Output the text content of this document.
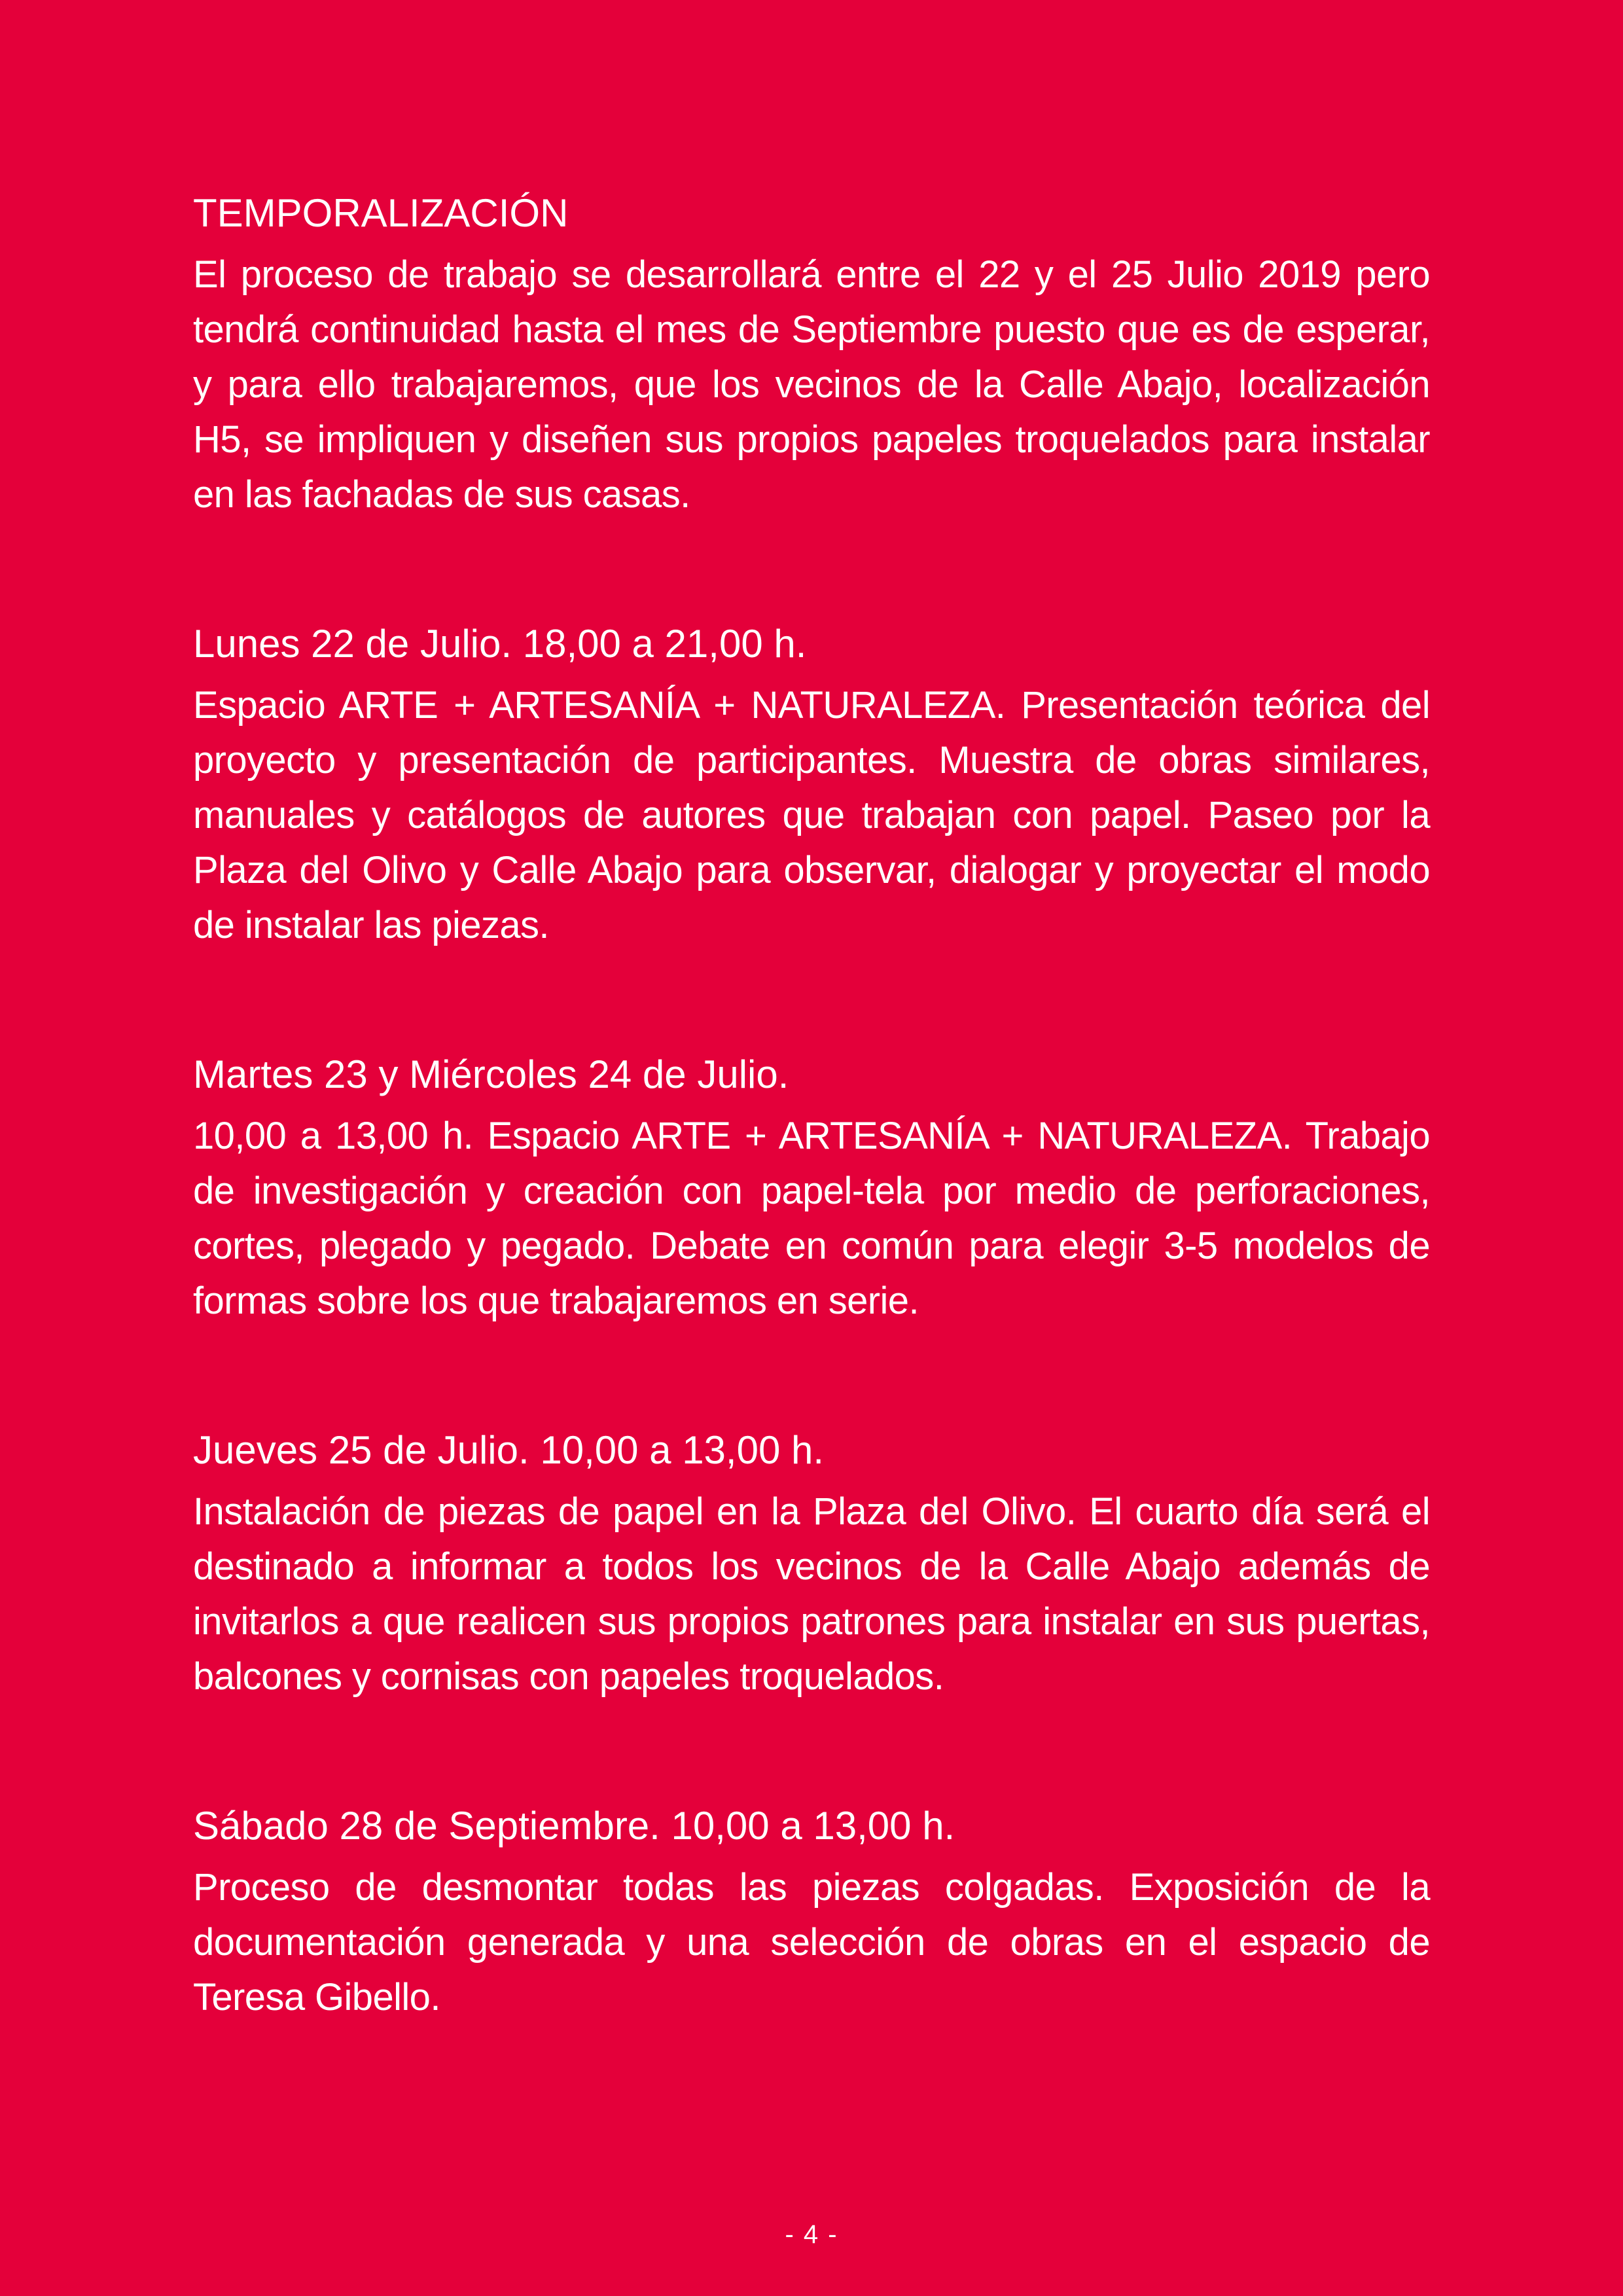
TEMPORALIZACIÓN

El proceso de trabajo se desarrollará entre el 22 y el 25 Julio 2019 pero tendrá continuidad hasta el mes de Septiembre puesto que es de esperar, y para ello trabajaremos, que los vecinos de la Calle Abajo, localización H5, se impliquen y diseñen sus propios papeles troquelados para instalar en las fachadas de sus casas.

Lunes 22 de Julio. 18,00 a 21,00 h.

Espacio ARTE + ARTESANÍA + NATURALEZA. Presentación teórica del proyecto y presentación de participantes. Muestra de obras similares, manuales y catálogos de autores que trabajan con papel. Paseo por la Plaza del Olivo y Calle Abajo para observar, dialogar y proyectar el modo de instalar las piezas.

Martes 23 y Miércoles 24 de Julio.

10,00 a 13,00 h. Espacio ARTE + ARTESANÍA + NATURALEZA. Trabajo de investigación y creación con papel-tela por medio de perforaciones, cortes, plegado y pegado. Debate en común para elegir 3-5 modelos de formas sobre los que trabajaremos en serie.

Jueves 25 de Julio. 10,00 a 13,00 h.

Instalación de piezas de papel en la Plaza del Olivo. El cuarto día será el destinado a informar a todos los vecinos de la Calle Abajo además de invitarlos a que realicen sus propios patrones para instalar en sus puertas, balcones y cornisas con papeles troquelados.

Sábado 28 de Septiembre. 10,00 a 13,00 h.

Proceso de desmontar todas las piezas colgadas. Exposición de la documentación generada y una selección de obras en el espacio de Teresa Gibello.

- 4 -
